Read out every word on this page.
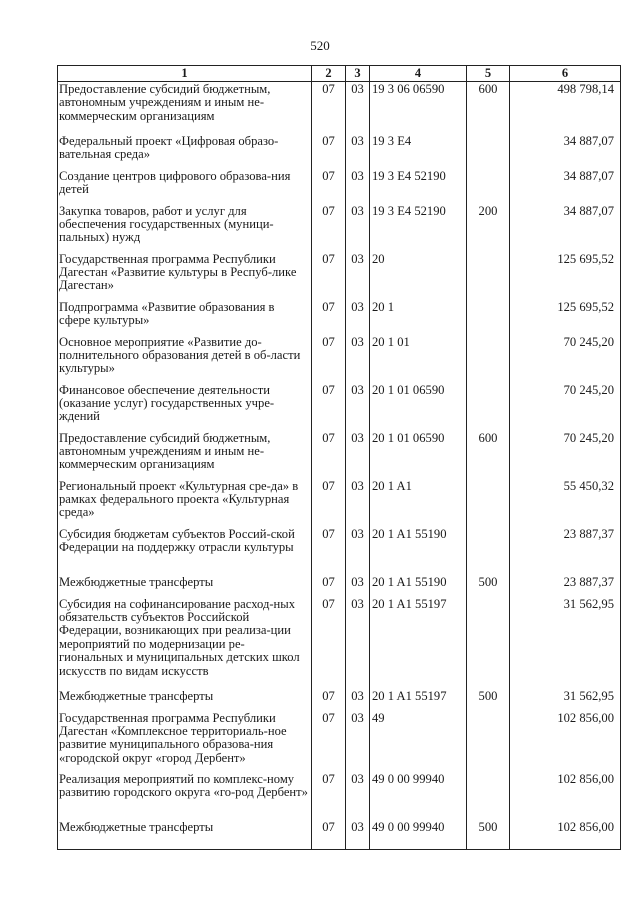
520
1	2	3	4	5	6
Предоставление субсидий бюджетным, автономным учреждениям и иным не-коммерческим организациям	07	03	19 3 06 06590	600	498 798,14
Федеральный проект «Цифровая образо-вательная среда»	07	03	19 3 E4		34 887,07
Создание центров цифрового образова-ния детей	07	03	19 3 E4 52190		34 887,07
Закупка товаров, работ и услуг для обеспечения государственных (муници-пальных) нужд	07	03	19 3 E4 52190	200	34 887,07
Государственная программа Республики Дагестан «Развитие культуры в Респуб-лике Дагестан»	07	03	20		125 695,52
Подпрограмма «Развитие образования в сфере культуры»	07	03	20 1		125 695,52
Основное мероприятие «Развитие до-полнительного образования детей в об-ласти культуры»	07	03	20 1 01		70 245,20
Финансовое обеспечение деятельности (оказание услуг) государственных учре-ждений	07	03	20 1 01 06590		70 245,20
Предоставление субсидий бюджетным, автономным учреждениям и иным не-коммерческим организациям	07	03	20 1 01 06590	600	70 245,20
Региональный проект «Культурная сре-да» в рамках федерального проекта «Культурная среда»	07	03	20 1 A1		55 450,32
Субсидия бюджетам субъектов Россий-ской Федерации на поддержку отрасли культуры	07	03	20 1 A1 55190		23 887,37
Межбюджетные трансферты	07	03	20 1 A1 55190	500	23 887,37
Субсидия на софинансирование расход-ных обязательств субъектов Российской Федерации, возникающих при реализа-ции мероприятий по модернизации ре-гиональных и муниципальных детских школ искусств по видам искусств	07	03	20 1 A1 55197		31 562,95
Межбюджетные трансферты	07	03	20 1 A1 55197	500	31 562,95
Государственная программа Республики Дагестан «Комплексное территориаль-ное развитие муниципального образова-ния «городской округ «город Дербент»	07	03	49		102 856,00
Реализация мероприятий по комплекс-ному развитию городского округа «го-род Дербент»	07	03	49 0 00 99940		102 856,00
Межбюджетные трансферты	07	03	49 0 00 99940	500	102 856,00
